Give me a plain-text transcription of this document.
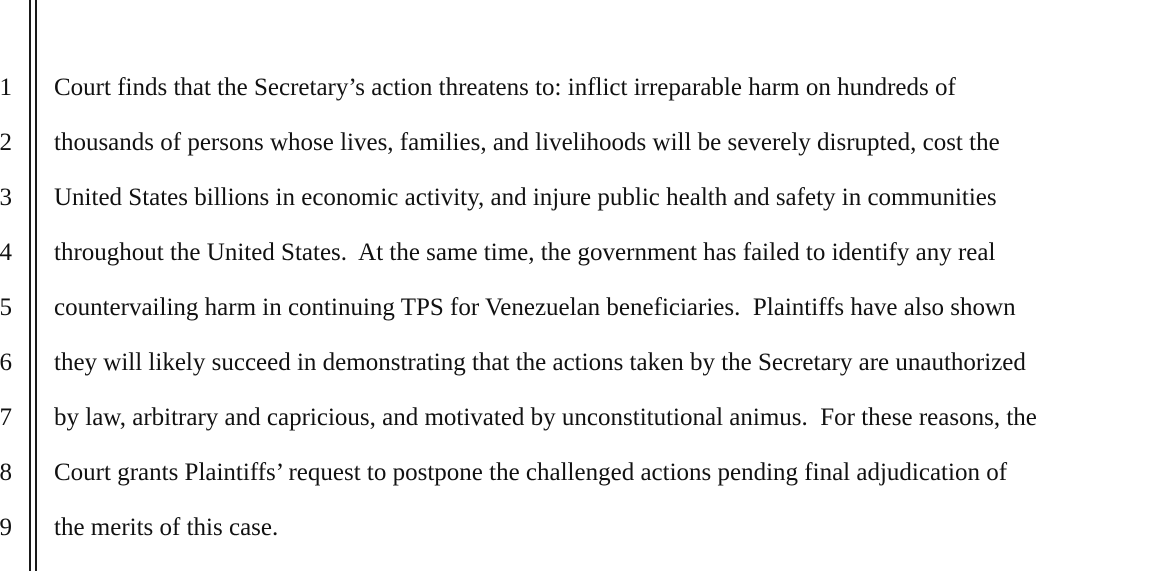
1
2
3
4
5
6
7
8
9
Court finds that the Secretary’s action threatens to: inflict irreparable harm on hundreds of
thousands of persons whose lives, families, and livelihoods will be severely disrupted, cost the
United States billions in economic activity, and injure public health and safety in communities
throughout the United States.  At the same time, the government has failed to identify any real
countervailing harm in continuing TPS for Venezuelan beneficiaries.  Plaintiffs have also shown
they will likely succeed in demonstrating that the actions taken by the Secretary are unauthorized
by law, arbitrary and capricious, and motivated by unconstitutional animus.  For these reasons, the
Court grants Plaintiffs’ request to postpone the challenged actions pending final adjudication of
the merits of this case.
